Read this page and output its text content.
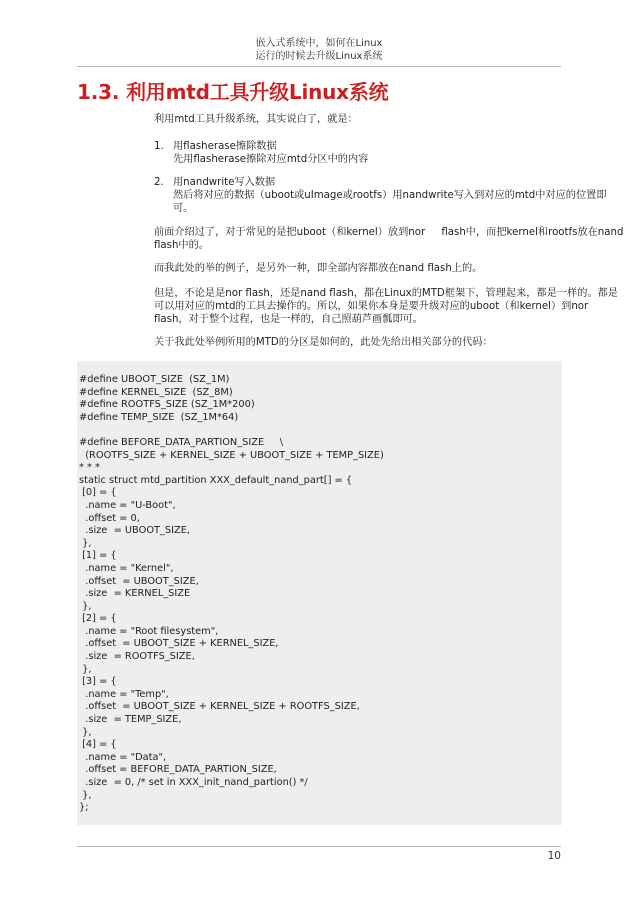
嵌入式系统中，如何在Linux
运行的时候去升级Linux系统
1.3. 利用mtd工具升级Linux系统
利用mtd工具升级系统，其实说白了，就是：
1. 用flasherase擦除数据
先用flasherase擦除对应mtd分区中的内容
2. 用nandwrite写入数据
然后将对应的数据（uboot或uImage或rootfs）用nandwrite写入到对应的mtd中对应的位置即
可。
前面介绍过了，对于常见的是把uboot（和kernel）放到nor     flash中，而把kernel和rootfs放在nand
flash中的。
而我此处的举的例子，是另外一种，即全部内容都放在nand flash上的。
但是，不论是是nor flash，还是nand flash，都在Linux的MTD框架下，管理起来，都是一样的。都是
可以用对应的mtd的工具去操作的。所以，如果你本身是要升级对应的uboot（和kernel）到nor
flash，对于整个过程，也是一样的，自己照葫芦画瓢即可。
关于我此处举例所用的MTD的分区是如何的，此处先给出相关部分的代码：
#define UBOOT_SIZE  (SZ_1M)
#define KERNEL_SIZE  (SZ_8M)
#define ROOTFS_SIZE (SZ_1M*200)
#define TEMP_SIZE  (SZ_1M*64)
#define BEFORE_DATA_PARTION_SIZE     \
(ROOTFS_SIZE + KERNEL_SIZE + UBOOT_SIZE + TEMP_SIZE)
* * *
static struct mtd_partition XXX_default_nand_part[] = {
[0] = {
.name = "U-Boot",
.offset = 0,
.size  = UBOOT_SIZE,
},
[1] = {
.name = "Kernel",
.offset  = UBOOT_SIZE,
.size  = KERNEL_SIZE
},
[2] = {
.name = "Root filesystem",
.offset  = UBOOT_SIZE + KERNEL_SIZE,
.size  = ROOTFS_SIZE,
},
[3] = {
.name = "Temp",
.offset  = UBOOT_SIZE + KERNEL_SIZE + ROOTFS_SIZE,
.size  = TEMP_SIZE,
},
[4] = {
.name = "Data",
.offset = BEFORE_DATA_PARTION_SIZE,
.size  = 0, /* set in XXX_init_nand_partion() */
},
};
10
